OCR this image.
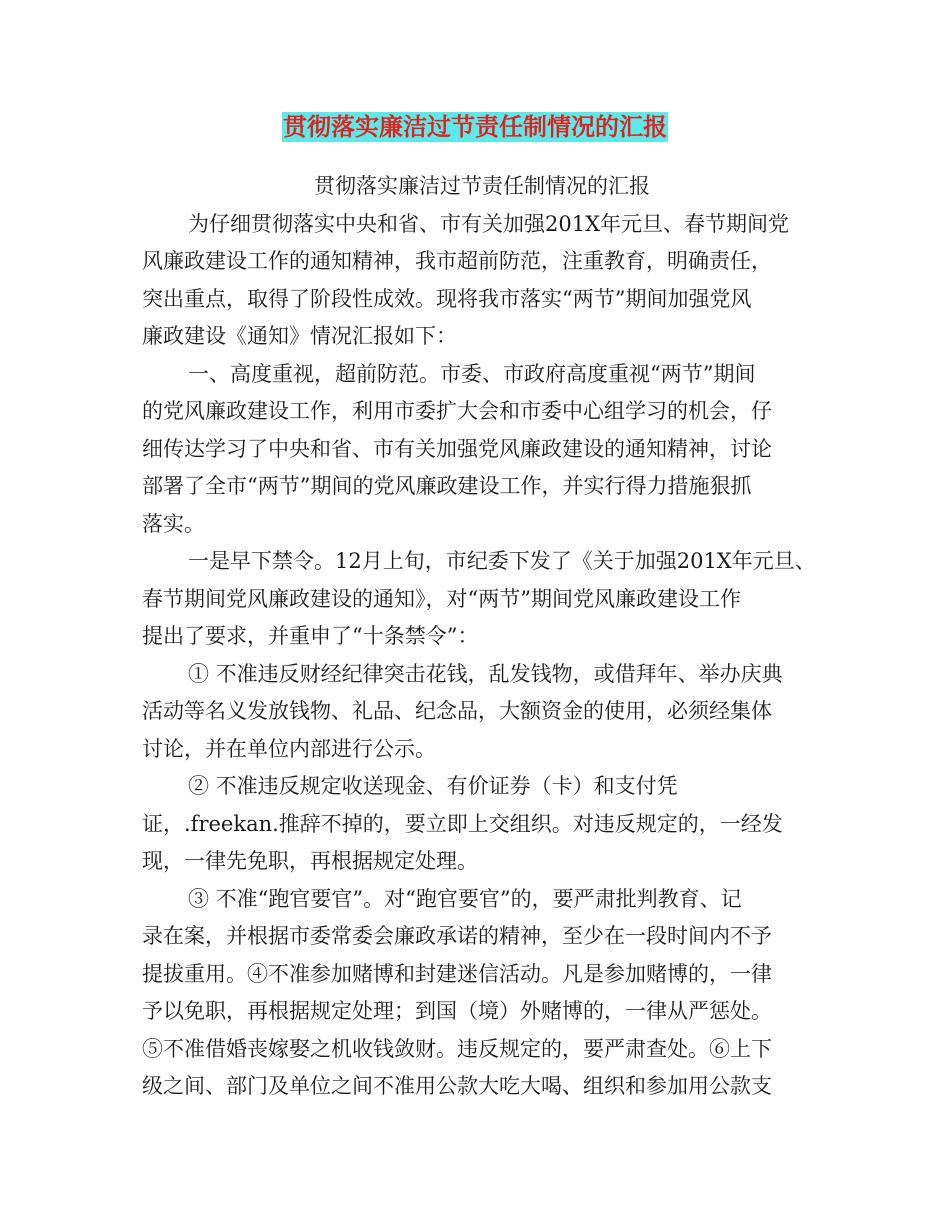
贯彻落实廉洁过节责任制情况的汇报
贯彻落实廉洁过节责任制情况的汇报
为仔细贯彻落实中央和省、市有关加强201X年元旦、春节期间党
风廉政建设工作的通知精神，我市超前防范，注重教育，明确责任，
突出重点，取得了阶段性成效。现将我市落实“两节”期间加强党风
廉政建设《通知》情况汇报如下：
一、高度重视，超前防范。市委、市政府高度重视“两节”期间
的党风廉政建设工作，利用市委扩大会和市委中心组学习的机会，仔
细传达学习了中央和省、市有关加强党风廉政建设的通知精神，讨论
部署了全市“两节”期间的党风廉政建设工作，并实行得力措施狠抓
落实。
一是早下禁令。12月上旬，市纪委下发了《关于加强201X年元旦、
春节期间党风廉政建设的通知》，对“两节”期间党风廉政建设工作
提出了要求，并重申了“十条禁令”：
① 不准违反财经纪律突击花钱，乱发钱物，或借拜年、举办庆典
活动等名义发放钱物、礼品、纪念品，大额资金的使用，必须经集体
讨论，并在单位内部进行公示。
② 不准违反规定收送现金、有价证券（卡）和支付凭
证，.freekan.推辞不掉的，要立即上交组织。对违反规定的，一经发
现，一律先免职，再根据规定处理。
③ 不准“跑官要官”。对“跑官要官”的，要严肃批判教育、记
录在案，并根据市委常委会廉政承诺的精神，至少在一段时间内不予
提拔重用。④不准参加赌博和封建迷信活动。凡是参加赌博的，一律
予以免职，再根据规定处理；到国（境）外赌博的，一律从严惩处。
⑤不准借婚丧嫁娶之机收钱敛财。违反规定的，要严肃查处。⑥上下
级之间、部门及单位之间不准用公款大吃大喝、组织和参加用公款支
